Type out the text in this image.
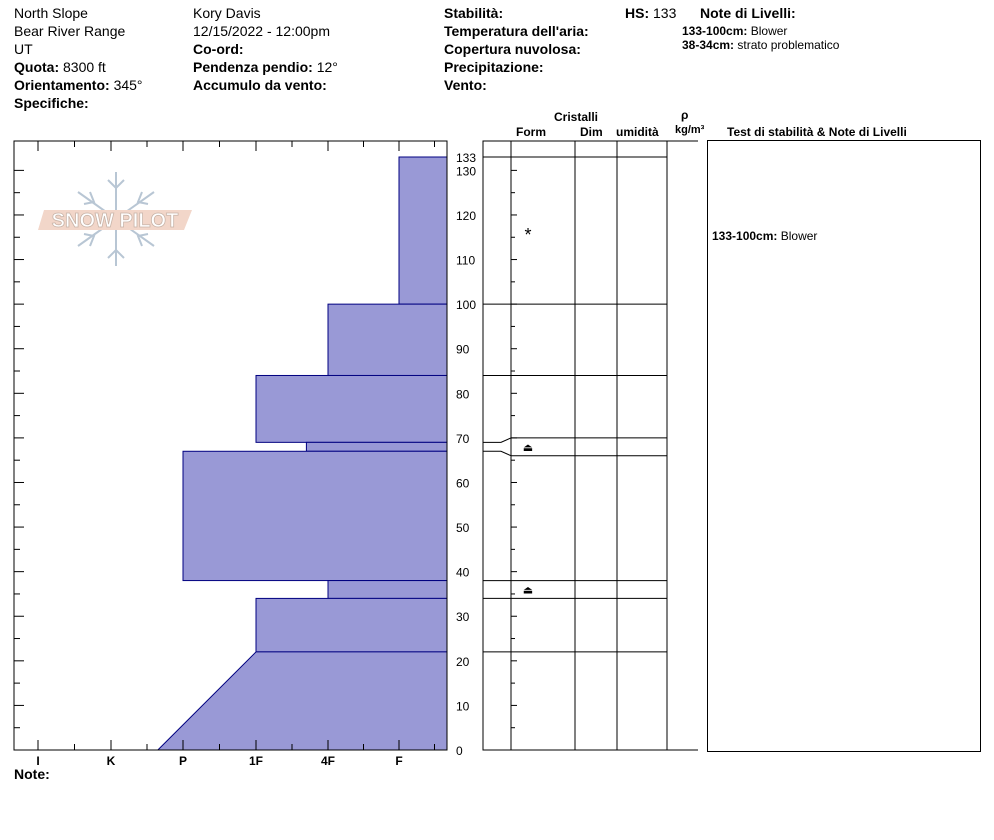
North Slope
Bear River Range
UT
Quota: 8300 ft
Orientamento: 345°
Specifiche:
Kory Davis
12/15/2022 - 12:00pm
Co-ord:
Pendenza pendio: 12°
Accumulo da vento:
Stabilità:
Temperatura dell'aria:
Copertura nuvolosa:
Precipitazione:
Vento:
HS: 133 Note di Livelli:
133-100cm: Blower
38-34cm: strato problematico
Cristalli
Form	Dim umidità
ρ
kg/m³ Test di stabilità & Note di Livelli
SNOW PILOT
I	K	P	1F	4F	F
0
10
20
30
40
50
60
70
80
90
100
110
120
130
133
*
⏏
⏏
133-100cm: Blower
Note:
